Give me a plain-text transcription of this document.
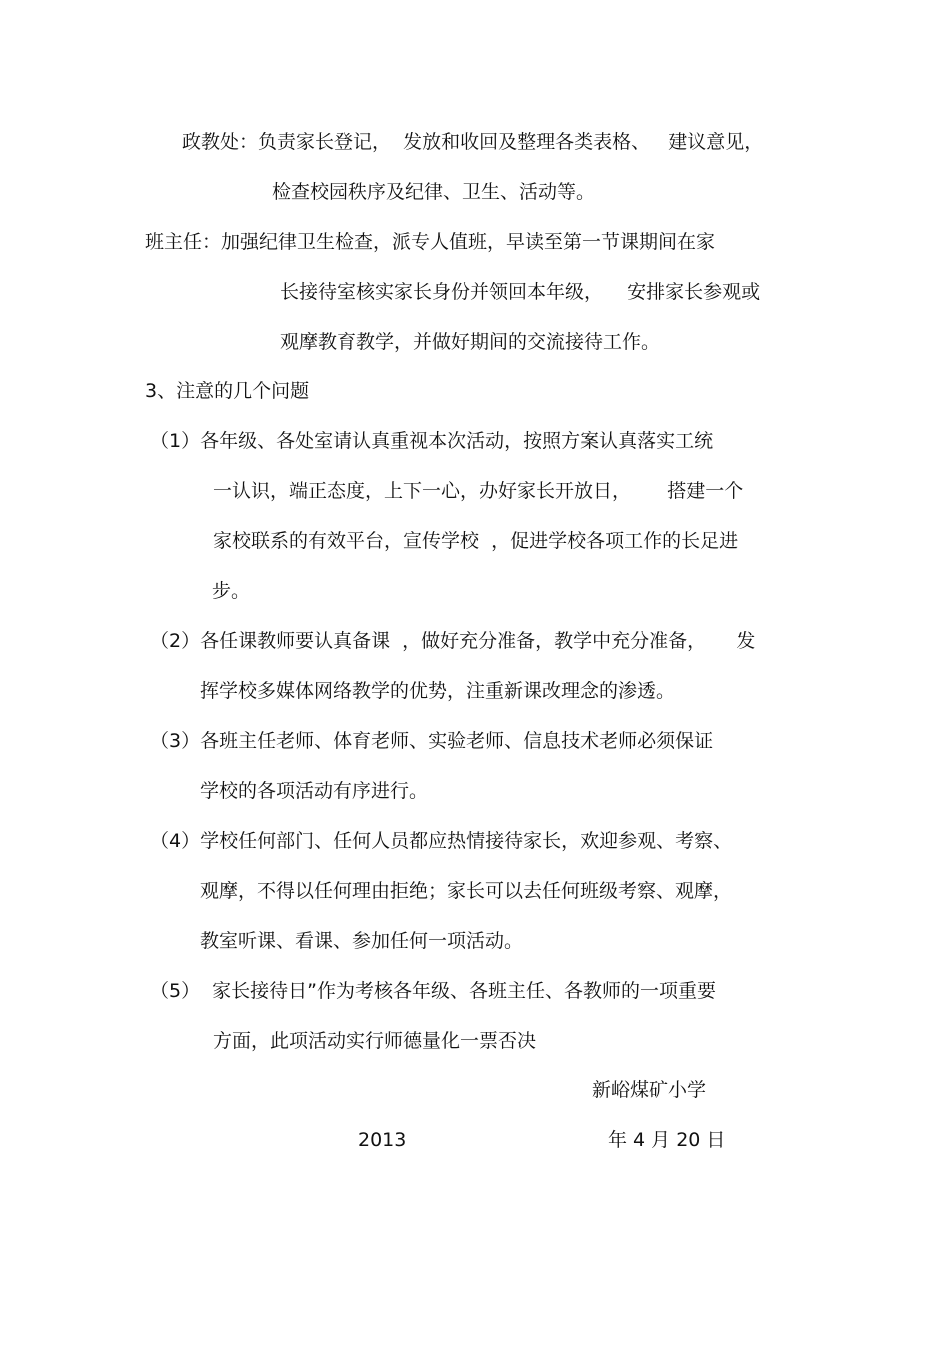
政教处：负责家长登记，  发放和收回及整理各类表格、   建议意见，
检查校园秩序及纪律、卫生、活动等。
班主任：加强纪律卫生检查，派专人值班，早读至第一节课期间在家
长接待室核实家长身份并领回本年级，    安排家长参观或
观摩教育教学，并做好期间的交流接待工作。
3、注意的几个问题
（1）各年级、各处室请认真重视本次活动，按照方案认真落实工统
一认识，端正态度，上下一心，办好家长开放日，      搭建一个
家校联系的有效平台，宣传学校  ，促进学校各项工作的长足进
步。
（2）各任课教师要认真备课  ，做好充分准备，教学中充分准备，     发
挥学校多媒体网络教学的优势，注重新课改理念的渗透。
（3）各班主任老师、体育老师、实验老师、信息技术老师必须保证
学校的各项活动有序进行。
（4）学校任何部门、任何人员都应热情接待家长，欢迎参观、考察、
观摩，不得以任何理由拒绝；家长可以去任何班级考察、观摩，
教室听课、看课、参加任何一项活动。
（5）  家长接待日”作为考核各年级、各班主任、各教师的一项重要
方面，此项活动实行师德量化一票否决
新峪煤矿小学
2013	年 4 月 20 日
